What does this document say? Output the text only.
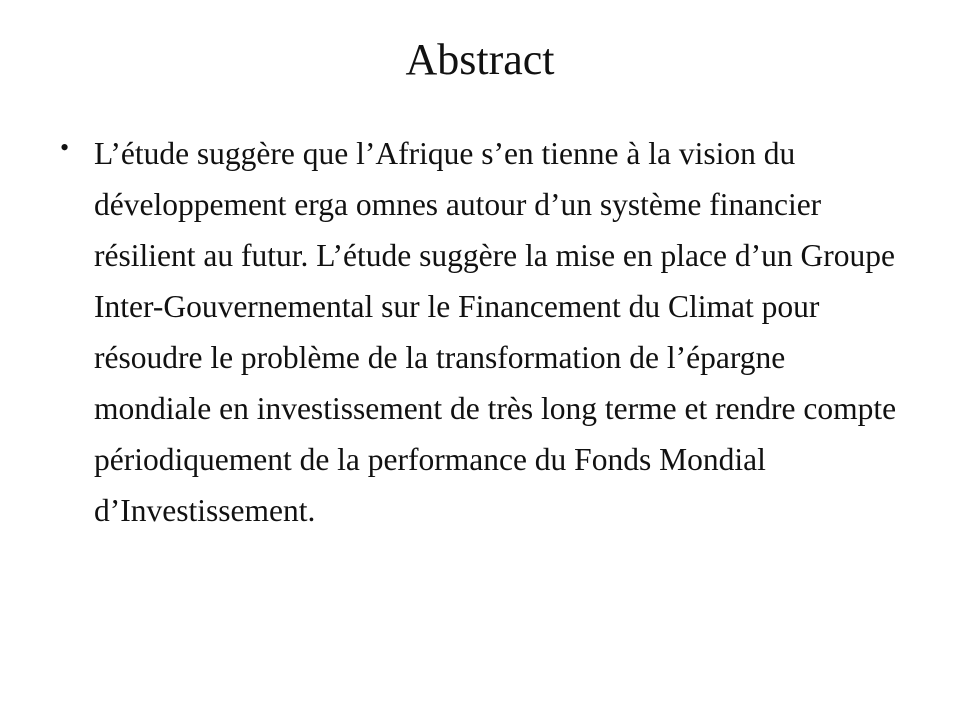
Abstract
• L’étude suggère que l’Afrique s’en tienne à la vision du développement erga omnes autour d’un système financier résilient au futur. L’étude suggère la mise en place d’un Groupe Inter-Gouvernemental sur le Financement du Climat pour résoudre le problème de la transformation de l’épargne mondiale en investissement de très long terme et rendre compte périodiquement de la performance du Fonds Mondial d’Investissement.
